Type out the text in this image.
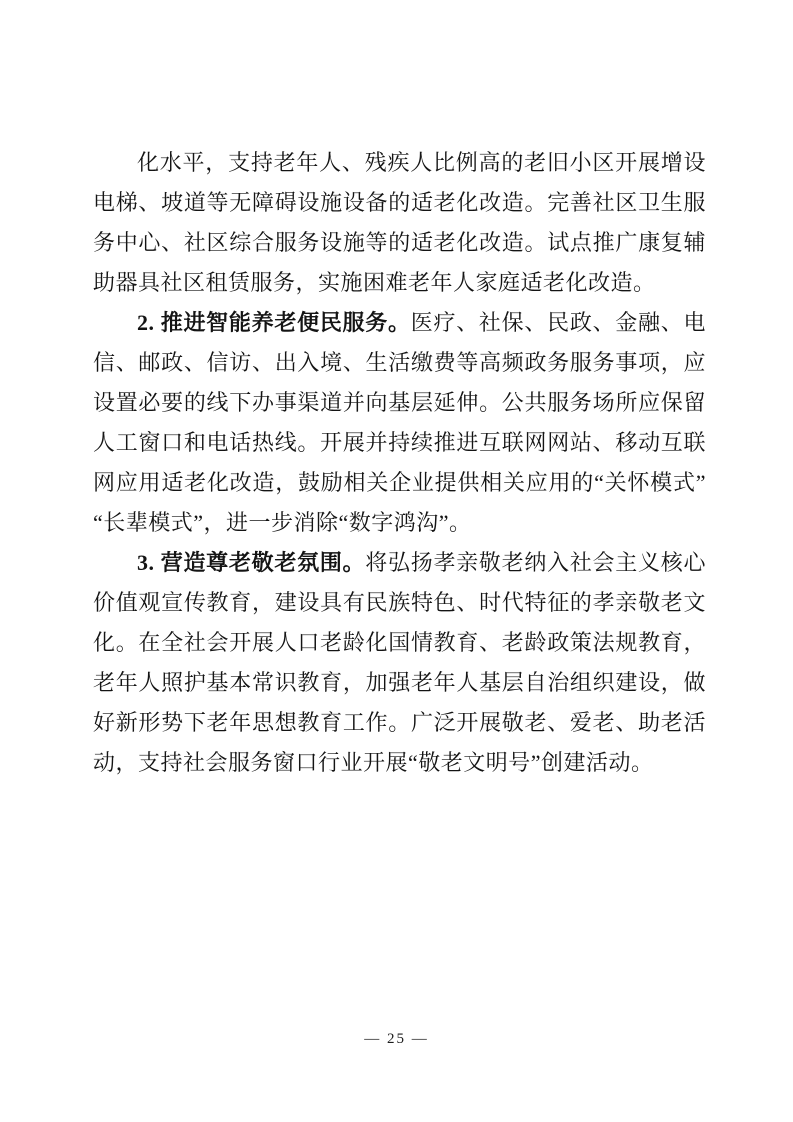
化水平，支持老年人、残疾人比例高的老旧小区开展增设电梯、坡道等无障碍设施设备的适老化改造。完善社区卫生服务中心、社区综合服务设施等的适老化改造。试点推广康复辅助器具社区租赁服务，实施困难老年人家庭适老化改造。

2. 推进智能养老便民服务。医疗、社保、民政、金融、电信、邮政、信访、出入境、生活缴费等高频政务服务事项，应设置必要的线下办事渠道并向基层延伸。公共服务场所应保留人工窗口和电话热线。开展并持续推进互联网网站、移动互联网应用适老化改造，鼓励相关企业提供相关应用的“关怀模式”“长辈模式”，进一步消除“数字鸿沟”。

3. 营造尊老敬老氛围。将弘扬孝亲敬老纳入社会主义核心价值观宣传教育，建设具有民族特色、时代特征的孝亲敬老文化。在全社会开展人口老龄化国情教育、老龄政策法规教育，老年人照护基本常识教育，加强老年人基层自治组织建设，做好新形势下老年思想教育工作。广泛开展敬老、爱老、助老活动，支持社会服务窗口行业开展“敬老文明号”创建活动。

— 25 —
